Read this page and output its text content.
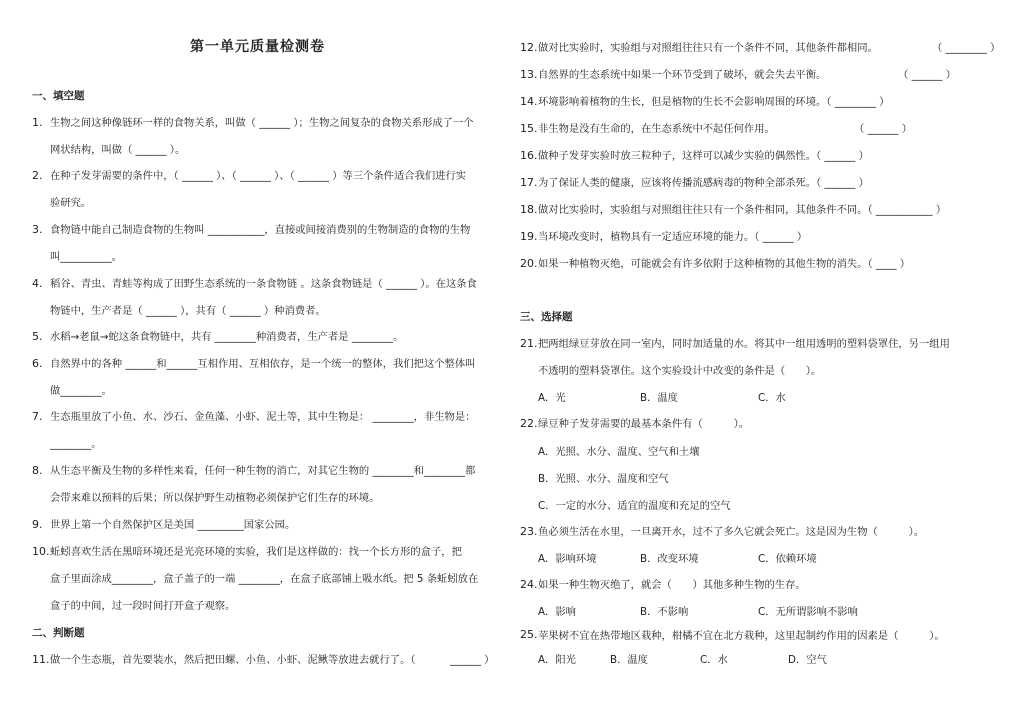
第一单元质量检测卷
一、填空题
1. 生物之间这种像链环一样的食物关系，叫做（ ______ ）；生物之间复杂的食物关系形成了一个
网状结构，叫做（ ______ ）。
2. 在种子发芽需要的条件中，（ ______ ）、（ ______ ）、（ ______ ）等三个条件适合我们进行实
验研究。
3. 食物链中能自己制造食物的生物叫 ___________，直接或间接消费别的生物制造的食物的生物
叫__________。
4. 稻谷、青虫、青蛙等构成了田野生态系统的一条食物链 。这条食物链是（ ______ ）。在这条食
物链中，生产者是（ ______ ），共有（ ______ ）种消费者。
5. 水稻→老鼠→蛇这条食物链中，共有 ________种消费者，生产者是 ________。
6. 自然界中的各种 ______和______互相作用、互相依存，是一个统一的整体，我们把这个整体叫
做________。
7. 生态瓶里放了小鱼、水、沙石、金鱼藻、小虾、泥土等，其中生物是： ________，非生物是：
________。
8. 从生态平衡及生物的多样性来看，任何一种生物的消亡，对其它生物的 ________和________都
会带来难以预料的后果；所以保护野生动植物必须保护它们生存的环境。
9. 世界上第一个自然保护区是美国 _________国家公园。
10. 蚯蚓喜欢生活在黑暗环境还是光亮环境的实验，我们是这样做的：找一个长方形的盒子，把
盒子里面涂成________，盒子盖子的一端 ________，在盒子底部铺上吸水纸。把 5 条蚯蚓放在
盒子的中间，过一段时间打开盒子观察。
二、判断题
11. 做一个生态瓶，首先要装水，然后把田螺、小鱼、小虾、泥鳅等放进去就行了。（	______ ）
12. 做对比实验时，实验组与对照组往往只有一个条件不同，其他条件都相同。	（ ________ ）
13. 自然界的生态系统中如果一个环节受到了破坏，就会失去平衡。	（ ______ ）
14. 环境影响着植物的生长，但是植物的生长不会影响周围的环境。（ ________ ）
15. 非生物是没有生命的，在生态系统中不起任何作用。	（ ______ ）
16. 做种子发芽实验时放三粒种子，这样可以减少实验的偶然性。（ ______ ）
17. 为了保证人类的健康，应该将传播流感病毒的物种全部杀死。（ ______ ）
18. 做对比实验时，实验组与对照组往往只有一个条件相同，其他条件不同。（ ___________ ）
19. 当环境改变时，植物具有一定适应环境的能力。（ ______ ）
20. 如果一种植物灭绝，可能就会有许多依附于这种植物的其他生物的消失。（ ____ ）
三、选择题
21. 把两组绿豆芽放在同一室内，同时加适量的水。将其中一组用透明的塑料袋罩住，另一组用
不透明的塑料袋罩住。这个实验设计中改变的条件是（　　）。
A．光	B．温度	C．水
22. 绿豆种子发芽需要的最基本条件有（　　　）。
A．光照、水分、温度、空气和土壤
B．光照、水分、温度和空气
C．一定的水分、适宜的温度和充足的空气
23. 鱼必须生活在水里，一旦离开水，过不了多久它就会死亡。这是因为生物（　　　）。
A．影响环境	B．改变环境	C．依赖环境
24. 如果一种生物灭绝了，就会（　　）其他多种生物的生存。
A．影响	B．不影响	C．无所谓影响不影响
25. 苹果树不宜在热带地区栽种，柑橘不宜在北方栽种，这里起制约作用的因素是（　　　）。
A．阳光	B．温度	C．水	D．空气
